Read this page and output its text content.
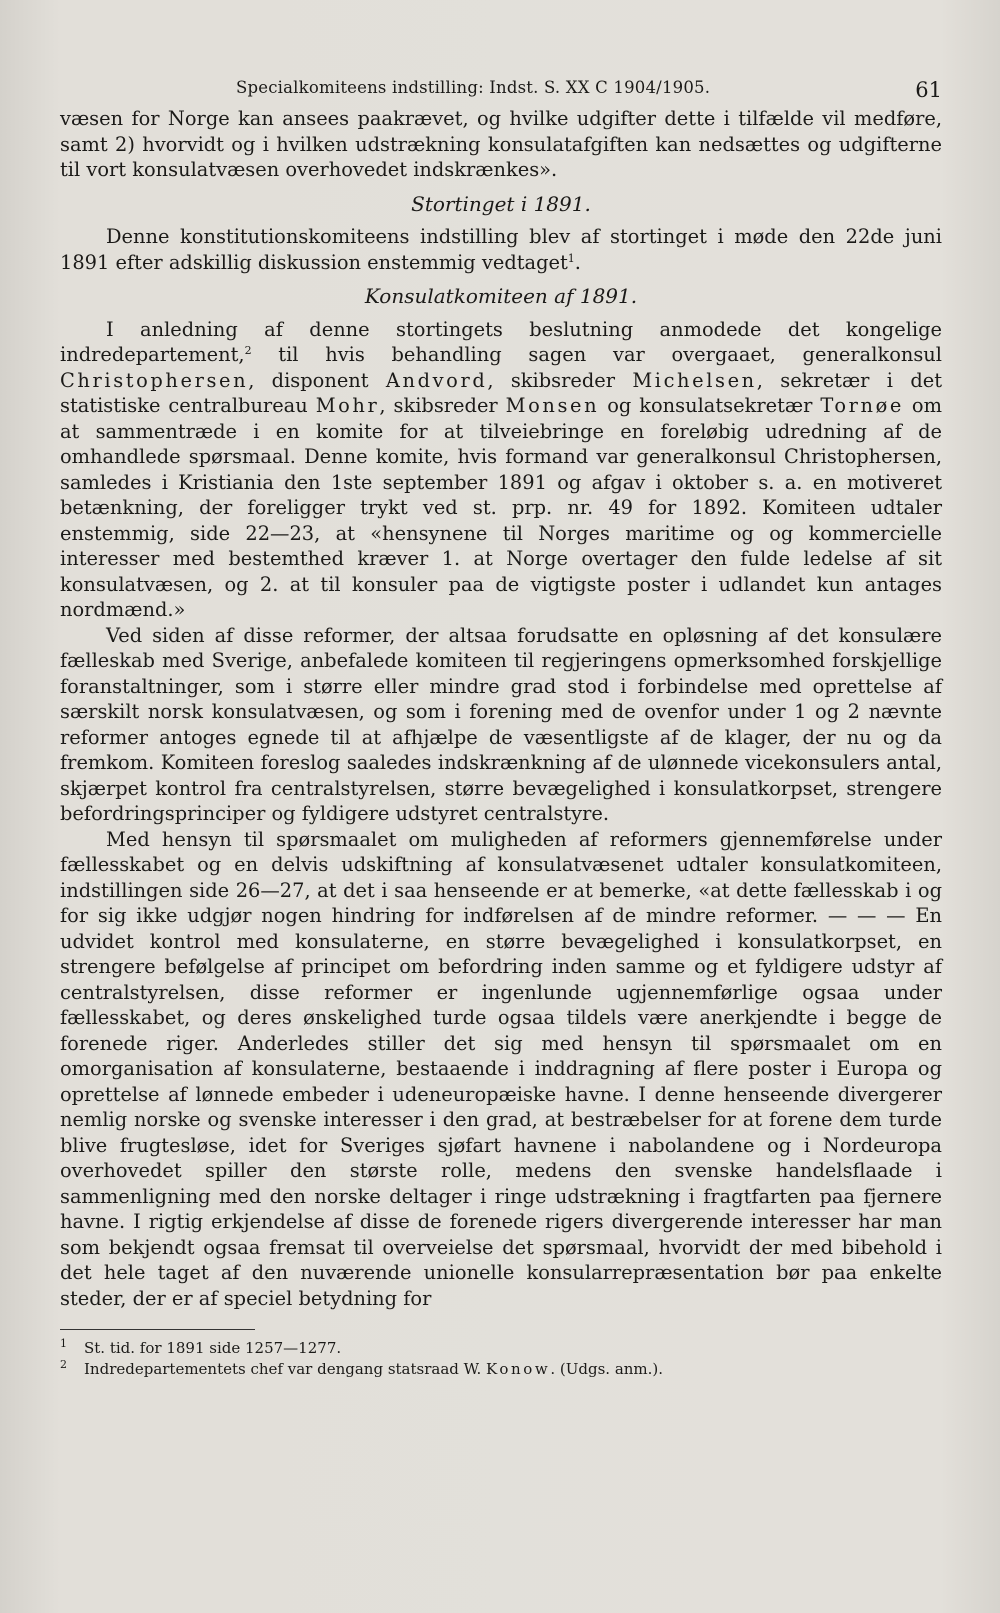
Specialkomiteens indstilling: Indst. S. XX C 1904/1905.	61

væsen for Norge kan ansees paakrævet, og hvilke udgifter dette i tilfælde vil medføre, samt 2) hvorvidt og i hvilken udstrækning konsulatafgiften kan nedsættes og udgifterne til vort konsulatvæsen overhovedet indskrænkes».

Stortinget i 1891.

Denne konstitutionskomiteens indstilling blev af stortinget i møde den 22de juni 1891 efter adskillig diskussion enstemmig vedtaget$^1$.

Konsulatkomiteen af 1891.

I anledning af denne stortingets beslutning anmodede det kongelige indredepartement,$^2$ til hvis behandling sagen var overgaaet, generalkonsul Christophersen, disponent Andvord, skibsreder Michelsen, sekretær i det statistiske centralbureau Mohr, skibsreder Monsen og konsulatsekretær Tornøe om at sammentræde i en komite for at tilveiebringe en foreløbig udredning af de omhandlede spørsmaal. Denne komite, hvis formand var generalkonsul Christophersen, samledes i Kristiania den 1ste september 1891 og afgav i oktober s. a. en motiveret betænkning, der foreligger trykt ved st. prp. nr. 49 for 1892. Komiteen udtaler enstemmig, side 22—23, at «hensynene til Norges maritime og og kommercielle interesser med bestemthed kræver 1. at Norge overtager den fulde ledelse af sit konsulatvæsen, og 2. at til konsuler paa de vigtigste poster i udlandet kun antages nordmænd.»

Ved siden af disse reformer, der altsaa forudsatte en opløsning af det konsulære fælleskab med Sverige, anbefalede komiteen til regjeringens opmerksomhed forskjellige foranstaltninger, som i større eller mindre grad stod i forbindelse med oprettelse af særskilt norsk konsulatvæsen, og som i forening med de ovenfor under 1 og 2 nævnte reformer antoges egnede til at afhjælpe de væsentligste af de klager, der nu og da fremkom. Komiteen foreslog saaledes indskrænkning af de ulønnede vicekonsulers antal, skjærpet kontrol fra centralstyrelsen, større bevægelighed i konsulatkorpset, strengere befordringsprinciper og fyldigere udstyret centralstyre.

Med hensyn til spørsmaalet om muligheden af reformers gjennemførelse under fællesskabet og en delvis udskiftning af konsulatvæsenet udtaler konsulatkomiteen, indstillingen side 26—27, at det i saa henseende er at bemerke, «at dette fællesskab i og for sig ikke udgjør nogen hindring for indførelsen af de mindre reformer. — — — En udvidet kontrol med konsulaterne, en større bevægelighed i konsulatkorpset, en strengere befølgelse af principet om befordring inden samme og et fyldigere udstyr af centralstyrelsen, disse reformer er ingenlunde ugjennemførlige ogsaa under fællesskabet, og deres ønskelighed turde ogsaa tildels være anerkjendte i begge de forenede riger. Anderledes stiller det sig med hensyn til spørsmaalet om en omorganisation af konsulaterne, bestaaende i inddragning af flere poster i Europa og oprettelse af lønnede embeder i udeneuropæiske havne. I denne henseende divergerer nemlig norske og svenske interesser i den grad, at bestræbelser for at forene dem turde blive frugtesløse, idet for Sveriges sjøfart havnene i nabolandene og i Nordeuropa overhovedet spiller den største rolle, medens den svenske handelsflaade i sammenligning med den norske deltager i ringe udstrækning i fragtfarten paa fjernere havne. I rigtig erkjendelse af disse de forenede rigers divergerende interesser har man som bekjendt ogsaa fremsat til overveielse det spørsmaal, hvorvidt der med bibehold i det hele taget af den nuværende unionelle konsularrepræsentation bør paa enkelte steder, der er af speciel betydning for

1	St. tid. for 1891 side 1257—1277.
2	Indredepartementets chef var dengang statsraad W. Konow. (Udgs. anm.).
